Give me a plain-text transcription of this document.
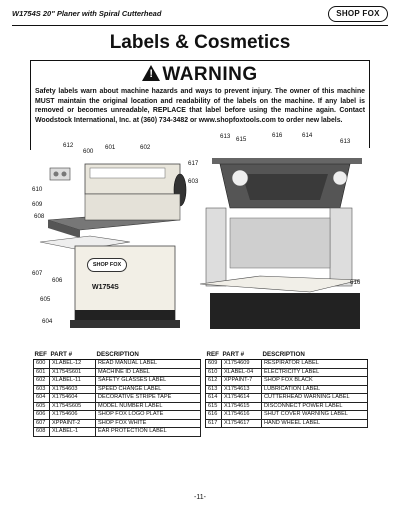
W1754S 20" Planer with Spiral Cutterhead	SHOP FOX
Labels & Cosmetics
! WARNING
Safety labels warn about machine hazards and ways to prevent injury. The owner of this machine MUST maintain the original location and readability of the labels on the machine. If any label is removed or becomes unreadable, REPLACE that label before using the machine again. Contact Woodstock International, Inc. at (360) 734-3482 or www.shopfoxtools.com to order new labels.
SHOP FOX
W1754S
612
600
601	602
617
603
610
609
608
607
606
605
604
613 615
616	614
613
616
REF	PART #	DESCRIPTION
600	XLABEL-12	READ MANUAL LABEL
601	X1754S601	MACHINE ID LABEL
602	XLABEL-11	SAFETY GLASSES LABEL
603	X1754603	SPEED CHANGE LABEL
604	X1754604	DECORATIVE STRIPE TAPE
605	X1754S605	MODEL NUMBER LABEL
606	X1754606	SHOP FOX LOGO PLATE
607	XPPAINT-2	SHOP FOX WHITE
608	XLABEL-1	EAR PROTECTION LABEL
REF	PART #	DESCRIPTION
609	X1754609	RESPIRATOR LABEL
610	XLABEL-04	ELECTRICITY LABEL
612	XPPAINT-7	SHOP FOX BLACK
613	X1754613	LUBRICATION LABEL
614	X1754614	CUTTERHEAD WARNING LABEL
615	X1754615	DISCONNECT POWER LABEL
616	X1754616	SHUT COVER WARNING LABEL
617	X1754617	HAND WHEEL LABEL
-11-
